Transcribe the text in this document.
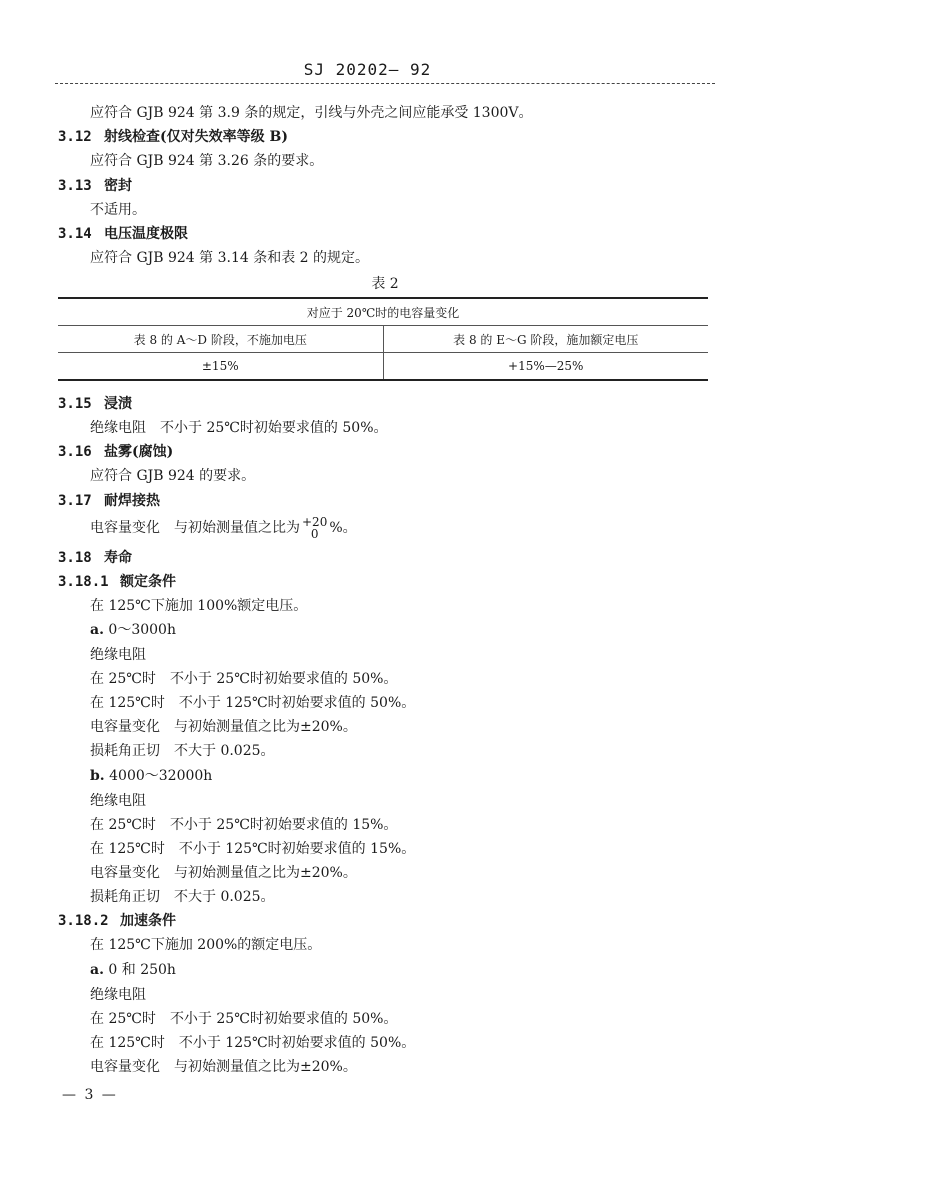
SJ 20202— 92
应符合 GJB 924 第 3.9 条的规定，引线与外壳之间应能承受 1300V。
3.12 射线检查(仅对失效率等级 B)
应符合 GJB 924 第 3.26 条的要求。
3.13 密封
不适用。
3.14 电压温度极限
应符合 GJB 924 第 3.14 条和表 2 的规定。
表 2
对应于 20℃时的电容量变化	
表 8 的 A～D 阶段，不施加电压	表 8 的 E～G 阶段，施加额定电压
±15%	+15%—25%
3.15 浸渍
绝缘电阻 不小于 25℃时初始要求值的 50%。
3.16 盐雾(腐蚀)
应符合 GJB 924 的要求。
3.17 耐焊接热
电容量变化 与初始测量值之比为 +20
0 %。
3.18 寿命
3.18.1 额定条件
在 125℃下施加 100%额定电压。
a. 0～3000h
绝缘电阻
在 25℃时 不小于 25℃时初始要求值的 50%。
在 125℃时 不小于 125℃时初始要求值的 50%。
电容量变化 与初始测量值之比为±20%。
损耗角正切 不大于 0.025。
b. 4000～32000h
绝缘电阻
在 25℃时 不小于 25℃时初始要求值的 15%。
在 125℃时 不小于 125℃时初始要求值的 15%。
电容量变化 与初始测量值之比为±20%。
损耗角正切 不大于 0.025。
3.18.2 加速条件
在 125℃下施加 200%的额定电压。
a. 0 和 250h
绝缘电阻
在 25℃时 不小于 25℃时初始要求值的 50%。
在 125℃时 不小于 125℃时初始要求值的 50%。
电容量变化 与初始测量值之比为±20%。
— 3 —
